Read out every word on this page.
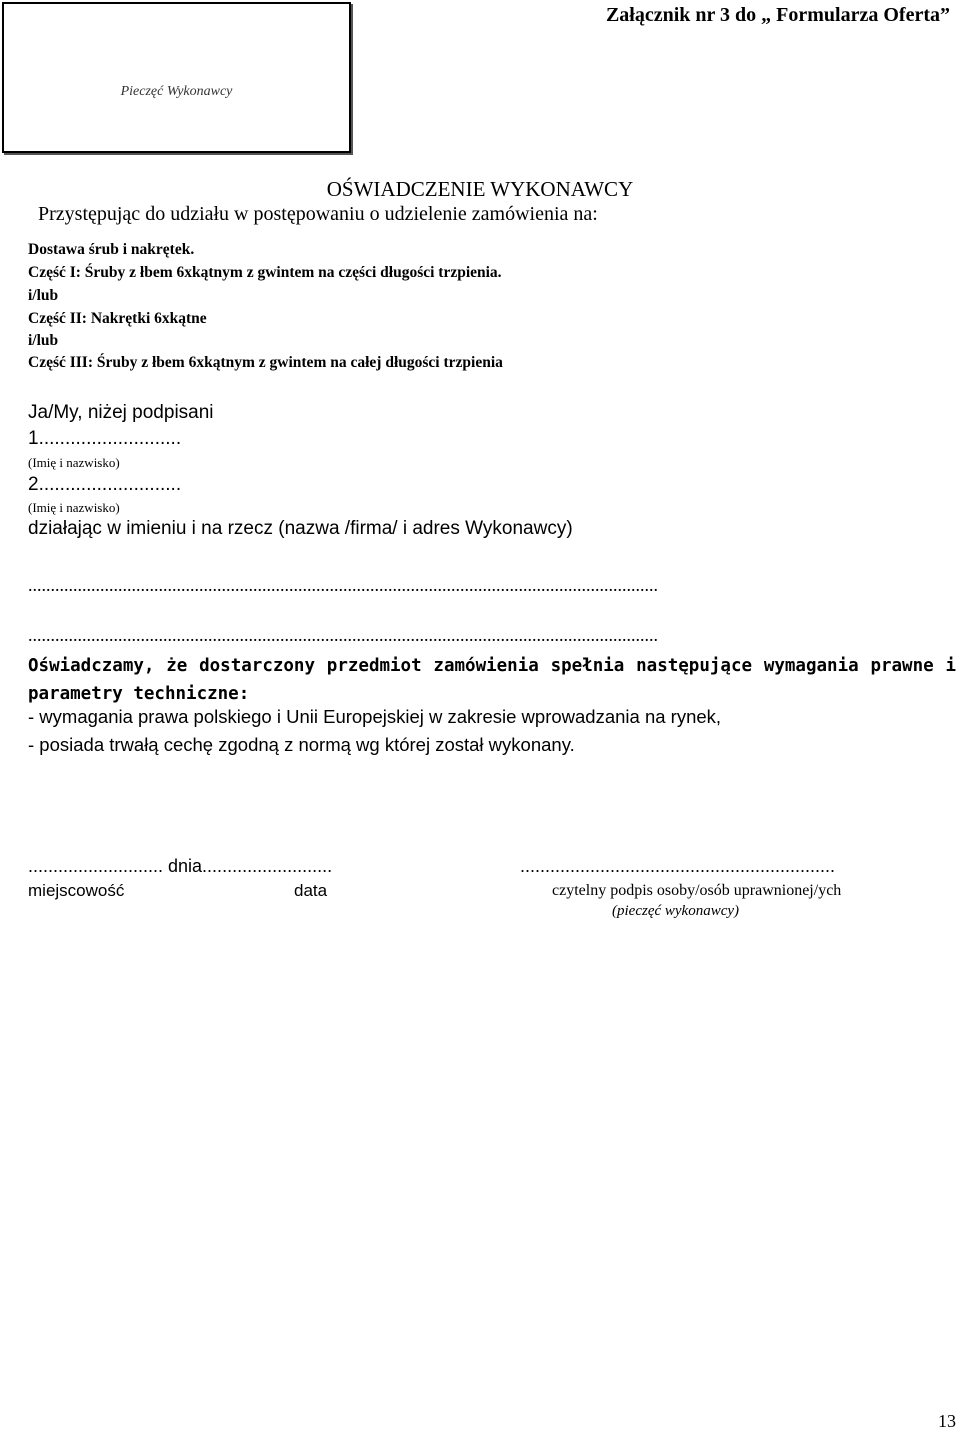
Pieczęć Wykonawcy
Załącznik nr 3 do „ Formularza Oferta”
OŚWIADCZENIE WYKONAWCY
Przystępując do udziału w postępowaniu o udzielenie zamówienia na:
Dostawa śrub i nakrętek.
Część I: Śruby z łbem 6xkątnym z gwintem na części długości trzpienia.
i/lub
Część II: Nakrętki 6xkątne
i/lub
Część III: Śruby z łbem 6xkątnym z gwintem na całej długości trzpienia
Ja/My, niżej podpisani
1...........................
(Imię i nazwisko)
2...........................
(Imię i nazwisko)
działając w imieniu i na rzecz (nazwa /firma/ i adres Wykonawcy)
............................................................................................................................................
............................................................................................................................................
Oświadczamy, że dostarczony przedmiot zamówienia spełnia następujące wymagania prawne i parametry techniczne:
- wymagania prawa polskiego i Unii Europejskiej w zakresie wprowadzania na rynek,
- posiada trwałą cechę zgodną z normą wg której został wykonany.
........................... dnia..........................	...............................................................
miejscowość	data	czytelny podpis osoby/osób uprawnionej/ych
(pieczęć wykonawcy)
13
